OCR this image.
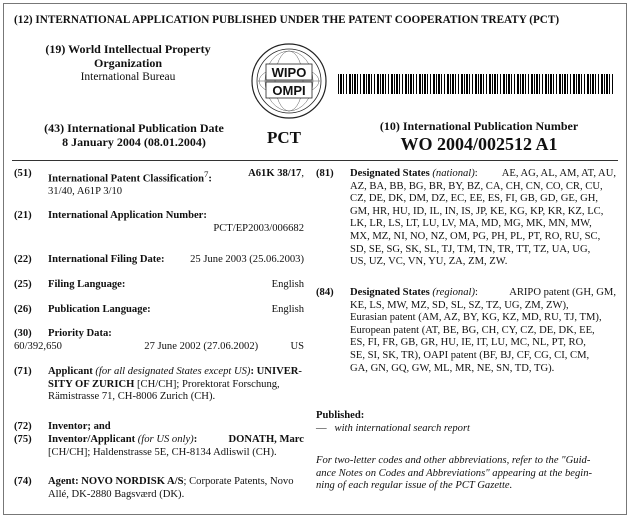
(12) INTERNATIONAL APPLICATION PUBLISHED UNDER THE PATENT COOPERATION TREATY (PCT)
(19) World Intellectual Property
Organization
International Bureau	WIPO
OMPI
(43) International Publication Date
8 January 2004 (08.01.2004)	PCT
(10) International Publication Number
WO 2004/002512 A1
(51)
International Patent Classification$^7$:
A61K 38/17,
31/40, A61P 3/10
(21) International Application Number:
PCT/EP2003/006682
(22) International Filing Date: 25 June 2003 (25.06.2003)
(25) Filing Language:	English
(26) Publication Language:	English
(30) Priority Data:
60/392,650	27 June 2002 (27.06.2002)	US
(71) Applicant (for all designated States except US): UNIVER-
SITY OF ZURICH [CH/CH]; Prorektorat Forschung,
Rämistrasse 71, CH-8006 Zurich (CH).
(72) Inventor; and
(75) Inventor/Applicant (for US only):	DONATH, Marc
[CH/CH]; Haldenstrasse 5E, CH-8134 Adliswil (CH).
(74) Agent: NOVO NORDISK A/S; Corporate Patents, Novo
Allé, DK-2880 Bagsværd (DK).
(81) Designated States (national): AE, AG, AL, AM, AT, AU,
AZ, BA, BB, BG, BR, BY, BZ, CA, CH, CN, CO, CR, CU,
CZ, DE, DK, DM, DZ, EC, EE, ES, FI, GB, GD, GE, GH,
GM, HR, HU, ID, IL, IN, IS, JP, KE, KG, KP, KR, KZ, LC,
LK, LR, LS, LT, LU, LV, MA, MD, MG, MK, MN, MW,
MX, MZ, NI, NO, NZ, OM, PG, PH, PL, PT, RO, RU, SC,
SD, SE, SG, SK, SL, TJ, TM, TN, TR, TT, TZ, UA, UG,
US, UZ, VC, VN, YU, ZA, ZM, ZW.
(84) Designated States (regional):	ARIPO patent (GH, GM,
KE, LS, MW, MZ, SD, SL, SZ, TZ, UG, ZM, ZW),
Eurasian patent (AM, AZ, BY, KG, KZ, MD, RU, TJ, TM),
European patent (AT, BE, BG, CH, CY, CZ, DE, DK, EE,
ES, FI, FR, GB, GR, HU, IE, IT, LU, MC, NL, PT, RO,
SE, SI, SK, TR), OAPI patent (BF, BJ, CF, CG, CI, CM,
GA, GN, GQ, GW, ML, MR, NE, SN, TD, TG).
Published:
— with international search report
For two-letter codes and other abbreviations, refer to the "Guid-
ance Notes on Codes and Abbreviations" appearing at the begin-
ning of each regular issue of the PCT Gazette.
